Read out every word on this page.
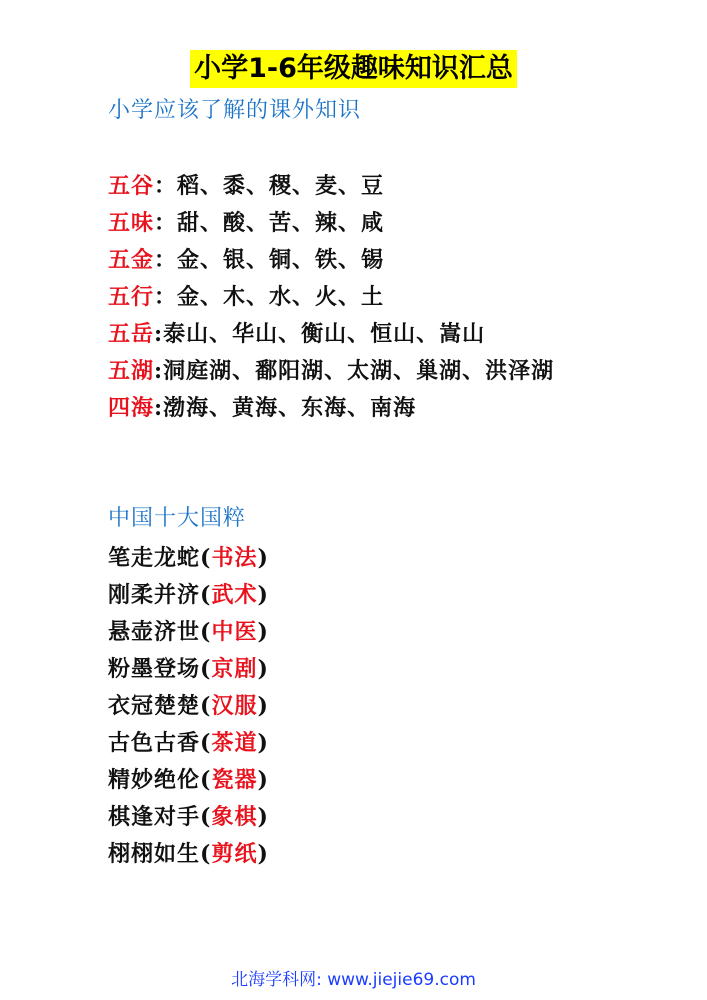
小学1-6年级趣味知识汇总
小学应该了解的课外知识
五谷：稻、黍、稷、麦、豆
五味：甜、酸、苦、辣、咸
五金：金、银、铜、铁、锡
五行：金、木、水、火、土
五岳:泰山、华山、衡山、恒山、嵩山
五湖:洞庭湖、鄱阳湖、太湖、巢湖、洪泽湖
四海:渤海、黄海、东海、南海
中国十大国粹
笔走龙蛇(书法)
刚柔并济(武术)
悬壶济世(中医)
粉墨登场(京剧)
衣冠楚楚(汉服)
古色古香(茶道)
精妙绝伦(瓷器)
棋逢对手(象棋)
栩栩如生(剪纸)
北海学科网: www.jiejie69.com
